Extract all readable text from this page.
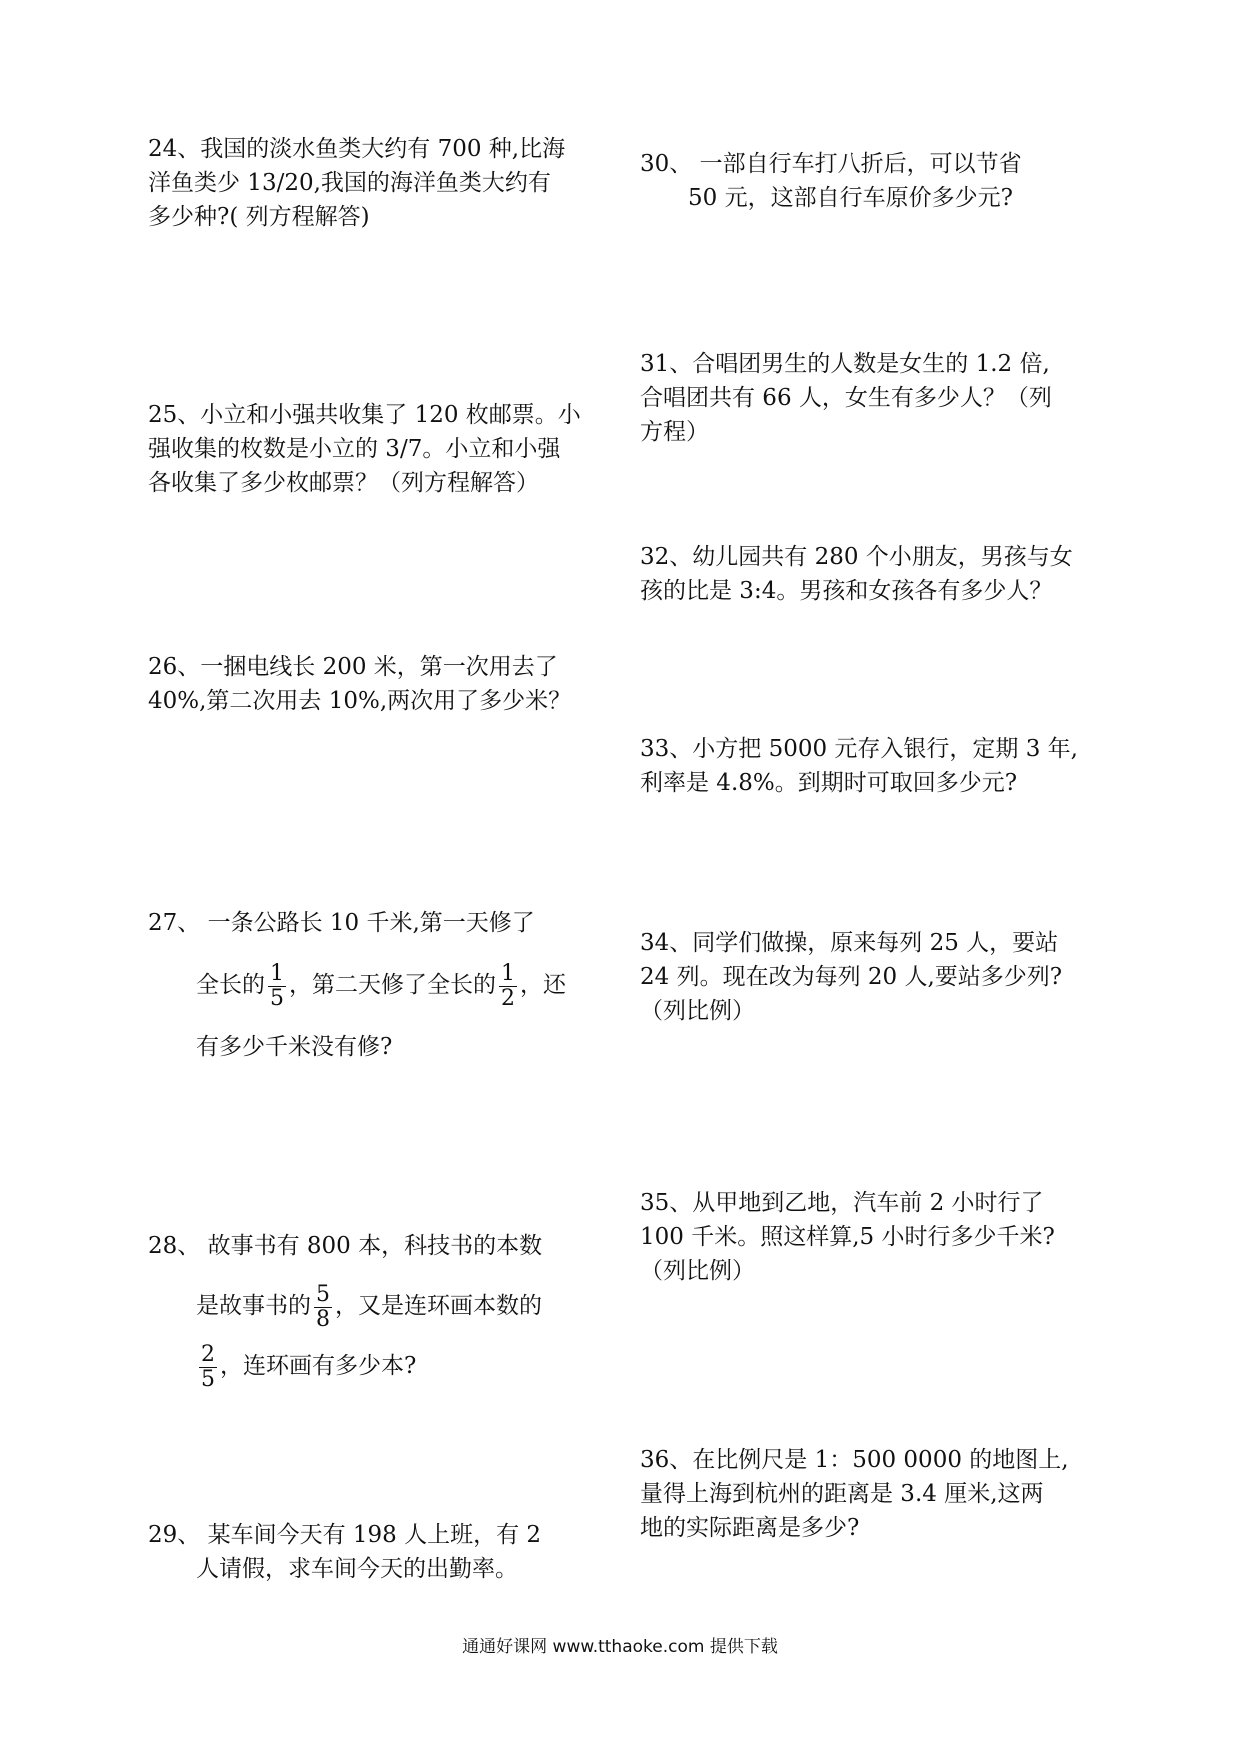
24、我国的淡水鱼类大约有 700 种,比海
洋鱼类少 13/20,我国的海洋鱼类大约有
多少种?( 列方程解答)
25、小立和小强共收集了 120 枚邮票。小
强收集的枚数是小立的 3/7。小立和小强
各收集了多少枚邮票？（列方程解答）
26、一捆电线长 200 米，第一次用去了
40%,第二次用去 10%,两次用了多少米？
27、 一条公路长 10 千米,第一天修了
全长的 $\frac{1}{5}$ ，第二天修了全长的 $\frac{1}{2}$ ，还
有多少千米没有修?
28、 故事书有 800 本，科技书的本数
是故事书的 $\frac{5}{8}$ ，又是连环画本数的
$\frac{2}{5}$ ，连环画有多少本?
29、 某车间今天有 198 人上班，有 2
人请假，求车间今天的出勤率。
30、 一部自行车打八折后，可以节省
50 元，这部自行车原价多少元?
31、合唱团男生的人数是女生的 1.2 倍,
合唱团共有 66 人，女生有多少人？（列
方程）
32、幼儿园共有 280 个小朋友，男孩与女
孩的比是 3:4。男孩和女孩各有多少人？
33、小方把 5000 元存入银行，定期 3 年,
利率是 4.8%。到期时可取回多少元?
34、同学们做操，原来每列 25 人，要站
24 列。现在改为每列 20 人,要站多少列?
（列比例）
35、从甲地到乙地，汽车前 2 小时行了
100 千米。照这样算,5 小时行多少千米?
（列比例）
36、在比例尺是 1：500 0000 的地图上,
量得上海到杭州的距离是 3.4 厘米,这两
地的实际距离是多少?
通通好课网 www.tthaoke.com 提供下载
